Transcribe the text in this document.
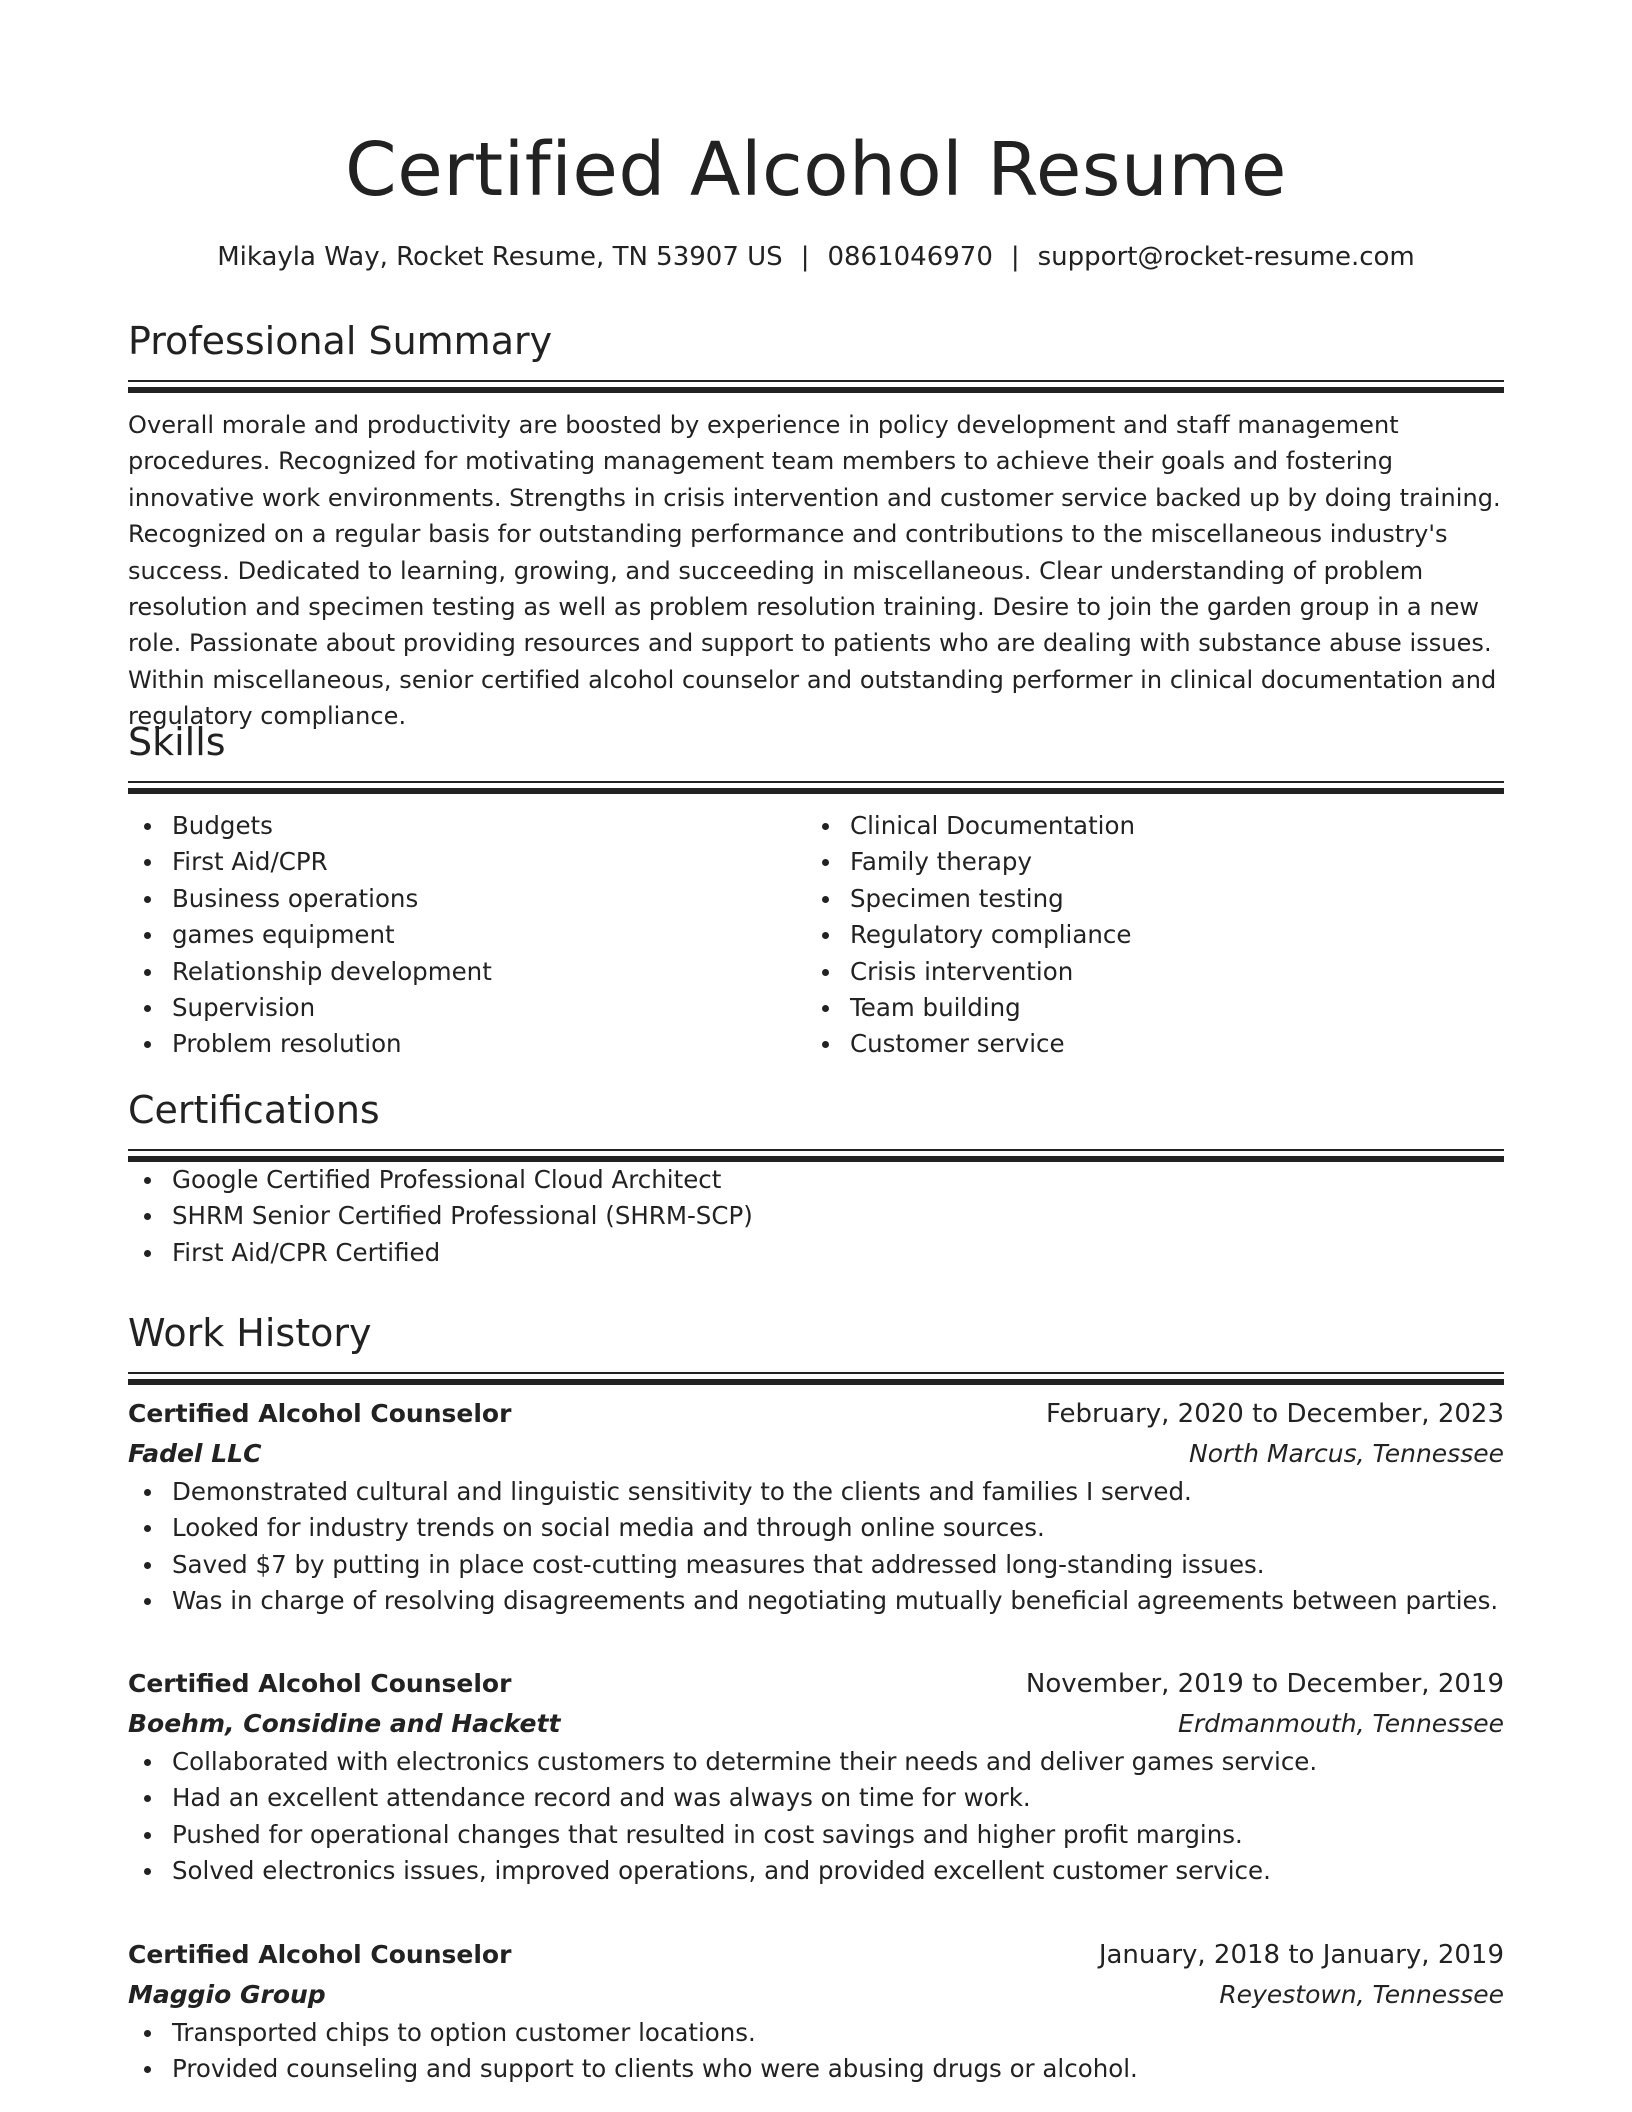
Certified Alcohol Resume
Mikayla Way, Rocket Resume, TN 53907 US | 0861046970 | support@rocket-resume.com
Professional Summary
Overall morale and productivity are boosted by experience in policy development and staff management procedures. Recognized for motivating management team members to achieve their goals and fostering innovative work environments. Strengths in crisis intervention and customer service backed up by doing training. Recognized on a regular basis for outstanding performance and contributions to the miscellaneous industry's success. Dedicated to learning, growing, and succeeding in miscellaneous. Clear understanding of problem resolution and specimen testing as well as problem resolution training. Desire to join the garden group in a new role. Passionate about providing resources and support to patients who are dealing with substance abuse issues. Within miscellaneous, senior certified alcohol counselor and outstanding performer in clinical documentation and regulatory compliance.
Skills
Budgets
First Aid/CPR
Business operations
games equipment
Relationship development
Supervision
Problem resolution
Clinical Documentation
Family therapy
Specimen testing
Regulatory compliance
Crisis intervention
Team building
Customer service
Certifications
Google Certified Professional Cloud Architect
SHRM Senior Certified Professional (SHRM-SCP)
First Aid/CPR Certified
Work History
Certified Alcohol Counselor	February, 2020 to December, 2023
Fadel LLC	North Marcus, Tennessee
Demonstrated cultural and linguistic sensitivity to the clients and families I served.
Looked for industry trends on social media and through online sources.
Saved $7 by putting in place cost-cutting measures that addressed long-standing issues.
Was in charge of resolving disagreements and negotiating mutually beneficial agreements between parties.
Certified Alcohol Counselor	November, 2019 to December, 2019
Boehm, Considine and Hackett	Erdmanmouth, Tennessee
Collaborated with electronics customers to determine their needs and deliver games service.
Had an excellent attendance record and was always on time for work.
Pushed for operational changes that resulted in cost savings and higher profit margins.
Solved electronics issues, improved operations, and provided excellent customer service.
Certified Alcohol Counselor	January, 2018 to January, 2019
Maggio Group	Reyestown, Tennessee
Transported chips to option customer locations.
Provided counseling and support to clients who were abusing drugs or alcohol.
